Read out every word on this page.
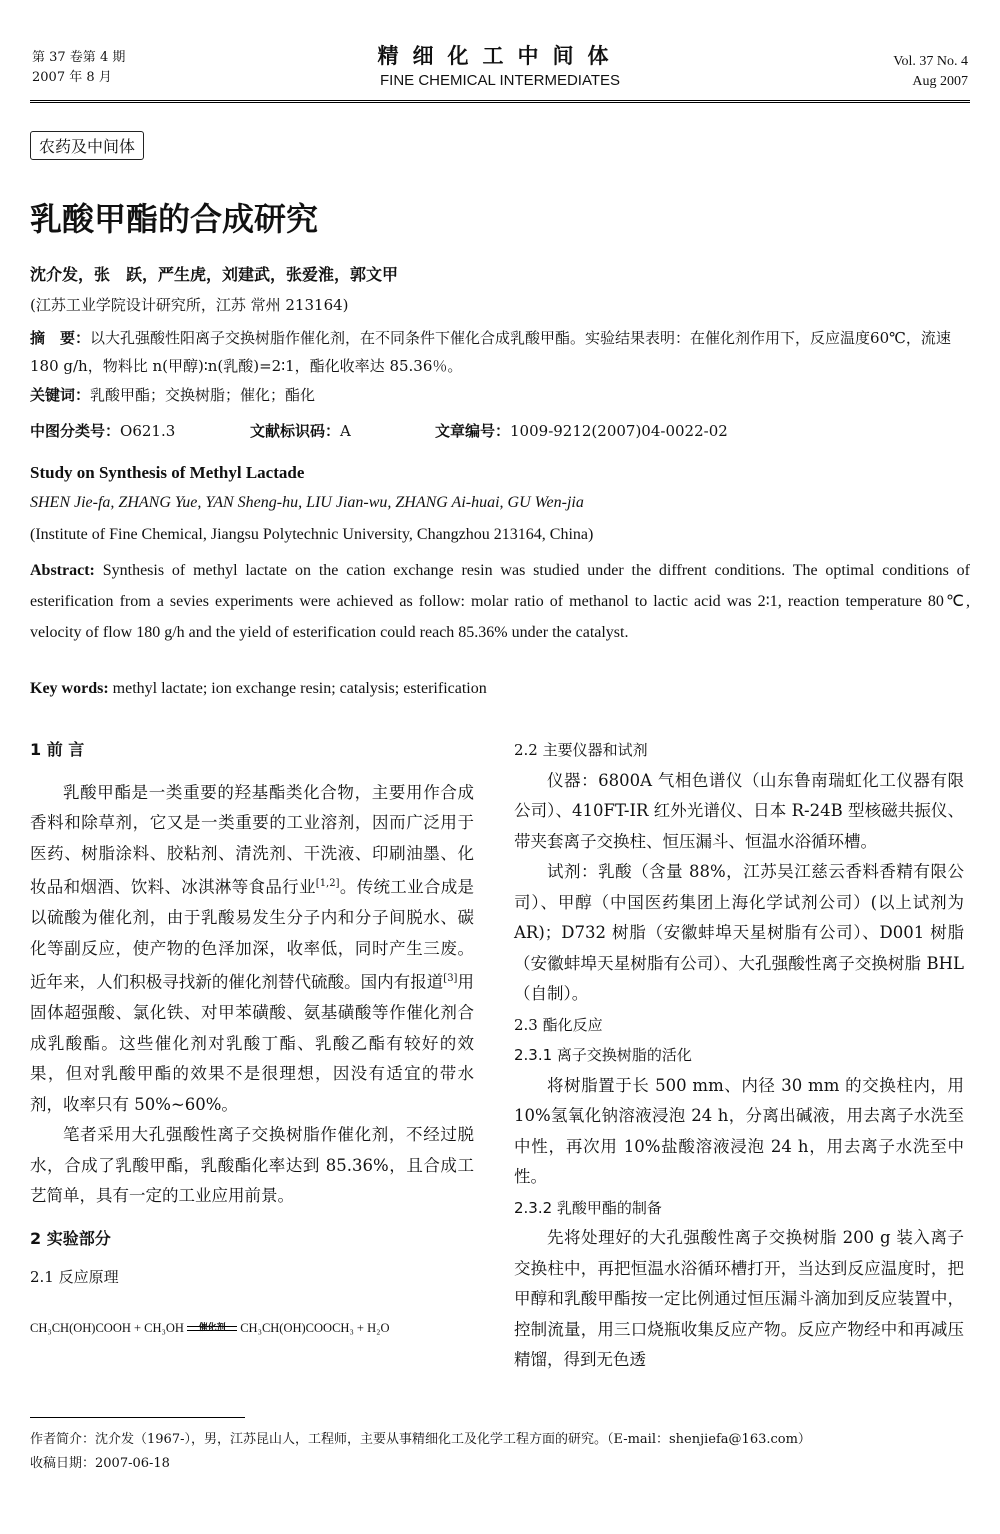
第 37 卷第 4 期
2007 年 8 月
精细化工中间体
FINE CHEMICAL INTERMEDIATES
Vol. 37 No. 4
Aug 2007
农药及中间体
乳酸甲酯的合成研究
沈介发，张　跃，严生虎，刘建武，张爱淮，郭文甲
(江苏工业学院设计研究所，江苏 常州 213164)
摘　要：以大孔强酸性阳离子交换树脂作催化剂，在不同条件下催化合成乳酸甲酯。实验结果表明：在催化剂作用下，反应温度60℃，流速 180 g/h，物料比 n(甲醇)∶n(乳酸)=2∶1，酯化收率达 85.36％。
关键词：乳酸甲酯；交换树脂；催化；酯化
中图分类号：O621.3	文献标识码：A	文章编号：1009-9212(2007)04-0022-02
Study on Synthesis of Methyl Lactade
SHEN Jie-fa, ZHANG Yue, YAN Sheng-hu, LIU Jian-wu, ZHANG Ai-huai, GU Wen-jia
(Institute of Fine Chemical, Jiangsu Polytechnic University, Changzhou 213164, China)
Abstract: Synthesis of methyl lactate on the cation exchange resin was studied under the diffrent conditions. The optimal conditions of esterification from a sevies experiments were achieved as follow: molar ratio of methanol to lactic acid was 2∶1, reaction temperature 80℃, velocity of flow 180 g/h and the yield of esterification could reach 85.36% under the catalyst.
Key words: methyl lactate; ion exchange resin; catalysis; esterification

1 前 言

乳酸甲酯是一类重要的羟基酯类化合物，主要用作合成香料和除草剂，它又是一类重要的工业溶剂，因而广泛用于医药、树脂涂料、胶粘剂、清洗剂、干洗液、印刷油墨、化妆品和烟酒、饮料、冰淇淋等食品行业[1,2]。传统工业合成是以硫酸为催化剂，由于乳酸易发生分子内和分子间脱水、碳化等副反应，使产物的色泽加深，收率低，同时产生三废。近年来，人们积极寻找新的催化剂替代硫酸。国内有报道[3]用固体超强酸、氯化铁、对甲苯磺酸、氨基磺酸等作催化剂合成乳酸酯。这些催化剂对乳酸丁酯、乳酸乙酯有较好的效果，但对乳酸甲酯的效果不是很理想，因没有适宜的带水剂，收率只有 50%~60%。

笔者采用大孔强酸性离子交换树脂作催化剂，不经过脱水，合成了乳酸甲酯，乳酸酯化率达到 85.36%，且合成工艺简单，具有一定的工业应用前景。

2 实验部分

2.1 反应原理

CH₃CH(OH)COOH + CH₃OH	催化剂	CH₃CH(OH)COOCH₃ + H₂O

2.2 主要仪器和试剂

仪器：6800A 气相色谱仪（山东鲁南瑞虹化工仪器有限公司）、410FT-IR 红外光谱仪、日本 R-24B 型核磁共振仪、带夹套离子交换柱、恒压漏斗、恒温水浴循环槽。

试剂：乳酸（含量 88%，江苏吴江慈云香料香精有限公司）、甲醇（中国医药集团上海化学试剂公司）(以上试剂为 AR)；D732 树脂（安徽蚌埠天星树脂有公司）、D001 树脂（安徽蚌埠天星树脂有公司）、大孔强酸性离子交换树脂 BHL（自制）。

2.3 酯化反应

2.3.1 离子交换树脂的活化

将树脂置于长 500 mm、内径 30 mm 的交换柱内，用 10%氢氧化钠溶液浸泡 24 h，分离出碱液，用去离子水洗至中性，再次用 10%盐酸溶液浸泡 24 h，用去离子水洗至中性。

2.3.2 乳酸甲酯的制备

先将处理好的大孔强酸性离子交换树脂 200 g 装入离子交换柱中，再把恒温水浴循环槽打开，当达到反应温度时，把甲醇和乳酸甲酯按一定比例通过恒压漏斗滴加到反应装置中，控制流量，用三口烧瓶收集反应产物。反应产物经中和再减压精馏，得到无色透

作者简介：沈介发（1967-），男，江苏昆山人，工程师，主要从事精细化工及化学工程方面的研究。（E-mail：shenjiefa@163.com）
收稿日期：2007-06-18
